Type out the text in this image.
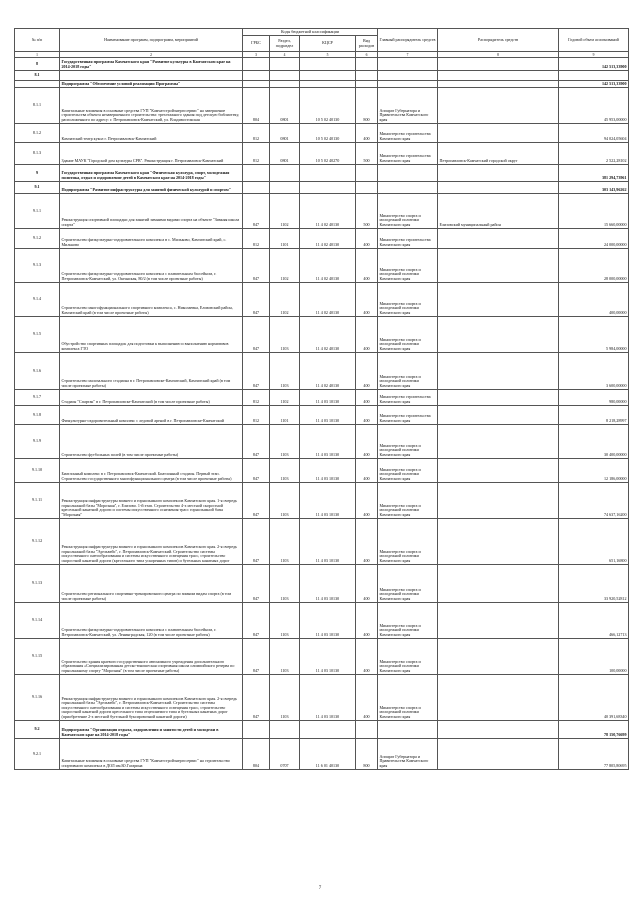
№ п/п	Наименование программ, подпрограмм, мероприятий	Коды бюджетной классификации				Главный распорядитель средств	Распорядитель средств	Годовой объем ассигнований
		ГРБС	Раздел, подраздел	КЦСР	Вид расходов			
1	2	3	4	5	6	7	8	9
8	Государственная программа Камчатского края "Развитие культуры в Камчатском крае на 2014-2018 годы"							142 513,33900
8.1								
	Подпрограмма "Обеспечение условий реализации Программы"							142 513,33900
8.1.1	Капитальные вложения в основные средства ГУП "Камчатстройэнергосервис" на завершение строительства объекта незавершенного строительства: трехэтажного здания под детскую библиотеку, расположенного по адресу: г. Петропавловск-Камчатский, ул. Владивостокская	804	0801	10 5 02 40130	800	Аппарат Губернатора и Правительства Камчатского края		45 953,00000
8.1.2	Камчатский театр кукол г. Петропавловск-Камчатский	812	0801	10 5 02 40130	400	Министерство строительства Камчатского края		94 024,05604
8.1.3	Здание МАУК "Городской дом культуры СРВ". Реконструкция г. Петропавловск-Камчатский	812	0801	10 5 02 40270	500	Министерство строительства Камчатского края	Петропавловск-Камчатский городской округ	2 522,28102
9	Государственная программа Камчатского края "Физическая культура, спорт, молодежная политика, отдых и оздоровление детей в Камчатском крае на 2014-2018 годы"							381 294,73961
9.1	Подпрограмма "Развитие инфраструктуры для занятий физической культурой и спортом"							303 143,96262
9.1.1	Реконструкция спортивной площадки для занятий зимними видами спорта на объекте "Зимняя школа спорта"	847	1102	11 4 02 40130	500	Министерство спорта и молодежной политики Камчатского края	Елизовский муниципальный район	15 660,00000
9.1.2	Строительство физкультурно-оздоровительного комплекса в с. Мильково, Камчатский край, с. Мильково	812	1101	11 4 02 40130	400	Министерство строительства Камчатского края		24 000,00000
9.1.3	Строительство физкультурно-оздоровительного комплекса с плавательным бассейном, г. Петропавловск-Камчатский, ул. Океанская, 80/2 (в том числе проектные работы)	847	1102	11 4 02 40130	400	Министерство спорта и молодежной политики Камчатского края		28 000,00000
9.1.4	Строительство многофункционального спортивного комплекса, с. Николаевка, Елизовский район, Камчатский край (в том числе проектные работы)	847	1102	11 4 02 40130	400	Министерство спорта и молодежной политики Камчатского края		400,00000
9.1.5	Обустройство спортивных площадок для подготовки к выполнению и выполнению нормативов комплекса ГТО	847	1103	11 4 02 40130	400	Министерство спорта и молодежной политики Камчатского края		5 984,00000
9.1.6	Строительство малозального стадиона в г. Петропавловске-Камчатский, Камчатский край (в том числе проектные работы)	847	1103	11 4 02 40130	400	Министерство спорта и молодежной политики Камчатского края		3 600,00000
9.1.7	Стадион "Спартак" в г. Петропавловске-Камчатский (в том числе проектные работы)	812	1102	11 4 03 10130	400	Министерство строительства Камчатского края		980,00000
9.1.8	Физкультурно-оздоровительный комплекс с ледовой ареной в г. Петропавловске-Камчатский	812	1101	11 4 03 10130	400	Министерство строительства Камчатского края		8 218,28997
9.1.9	Строительство футбольных полей (в том числе проектные работы)	847	1103	11 4 03 10130	400	Министерство спорта и молодежной политики Камчатского края		30 400,00000
9.1.10	Биатлонный комплекс в г. Петропавловск-Камчатский. Биатлонный стадион. Первый этап. Строительство государственного многофункционального центра (в том числе проектные работы)	847	1103	11 4 03 10130	400	Министерство спорта и молодежной политики Камчатского края		12 186,00000
9.1.11	Реконструкция инфраструктуры зимнего и горнолыжного комплексов Камчатского края. 1-я очередь горнолыжной базы "Морозная", г. Елизово. 1-й этап. Строительство 4-х местной скоростной кресельной канатной дороги и системы искусственного оснежения трасс горнолыжной базы "Морозная"	847	1103	11 4 03 10130	400	Министерство спорта и молодежной политики Камчатского края		74 637,16200
9.1.12	Реконструкция инфраструктуры зимнего и горнолыжного комплексов Камчатского края. 2-я очередь горнолыжной базы "Эдельвейс", г. Петропавловск-Камчатский. Строительство системы искусственного снегообразования и системы искусственного освещения трасс, строительство скоростной канатной дороги (кресельного типа ускоренных типов) и бугельных канатных дорог	847	1103	11 4 03 10130	400	Министерство спорта и молодежной политики Камчатского края		651,16800
9.1.13	Строительство регионального спортивно-тренировочного центра по зимним видам спорта (в том числе проектные работы)	847	1103	11 4 03 10130	400	Министерство спорта и молодежной политики Камчатского края		33 920,52812
9.1.14	Строительство физкультурно-оздоровительного комплекса с плавательным бассейном, г. Петропавловск-Камчатский, ул. Ленинградская, 120 (в том числе проектные работы)	847	1103	11 4 03 10130	400	Министерство спорта и молодежной политики Камчатского края		466,12713
9.1.15	Строительство здания краевого государственного автономного учреждения дополнительного образования «Специализированная детско-юношеская спортивная школа олимпийского резерва по горнолыжному спорту "Морозная" (в том числе проектные работы)	847	1103	11 4 03 10130	400	Министерство спорта и молодежной политики Камчатского края		100,00000
9.1.16	Реконструкция инфраструктуры зимнего и горнолыжного комплексов Камчатского края. 2-я очередь горнолыжной базы "Эдельвейс", г. Петропавловск-Камчатский. Строительство системы искусственного снегообразования и системы искусственного освещения трасс, строительство скоростной канатной дороги кресельного типа отцепляемого типа и бугельных канатных дорог (приобретение 2-х местной бугельной буксировочной канатной дороги)	847	1103	11 4 03 10130	400	Министерство спорта и молодежной политики Камчатского края		40 391,68340
9.2	Подпрограмма "Организация отдыха, оздоровления и занятости детей и молодежи в Камчатском крае на 2014-2018 годы"							78 150,76699
9.2.1	Капитальные вложения в основные средства ГУП "Камчатстройэнергосервис" на строительство спортивного комплекса в ДОЛ им.Ю.Гагарина	804	0707	11 6 01 40130	800	Аппарат Губернатора и Правительства Камчатского края		77 805,80695
7
